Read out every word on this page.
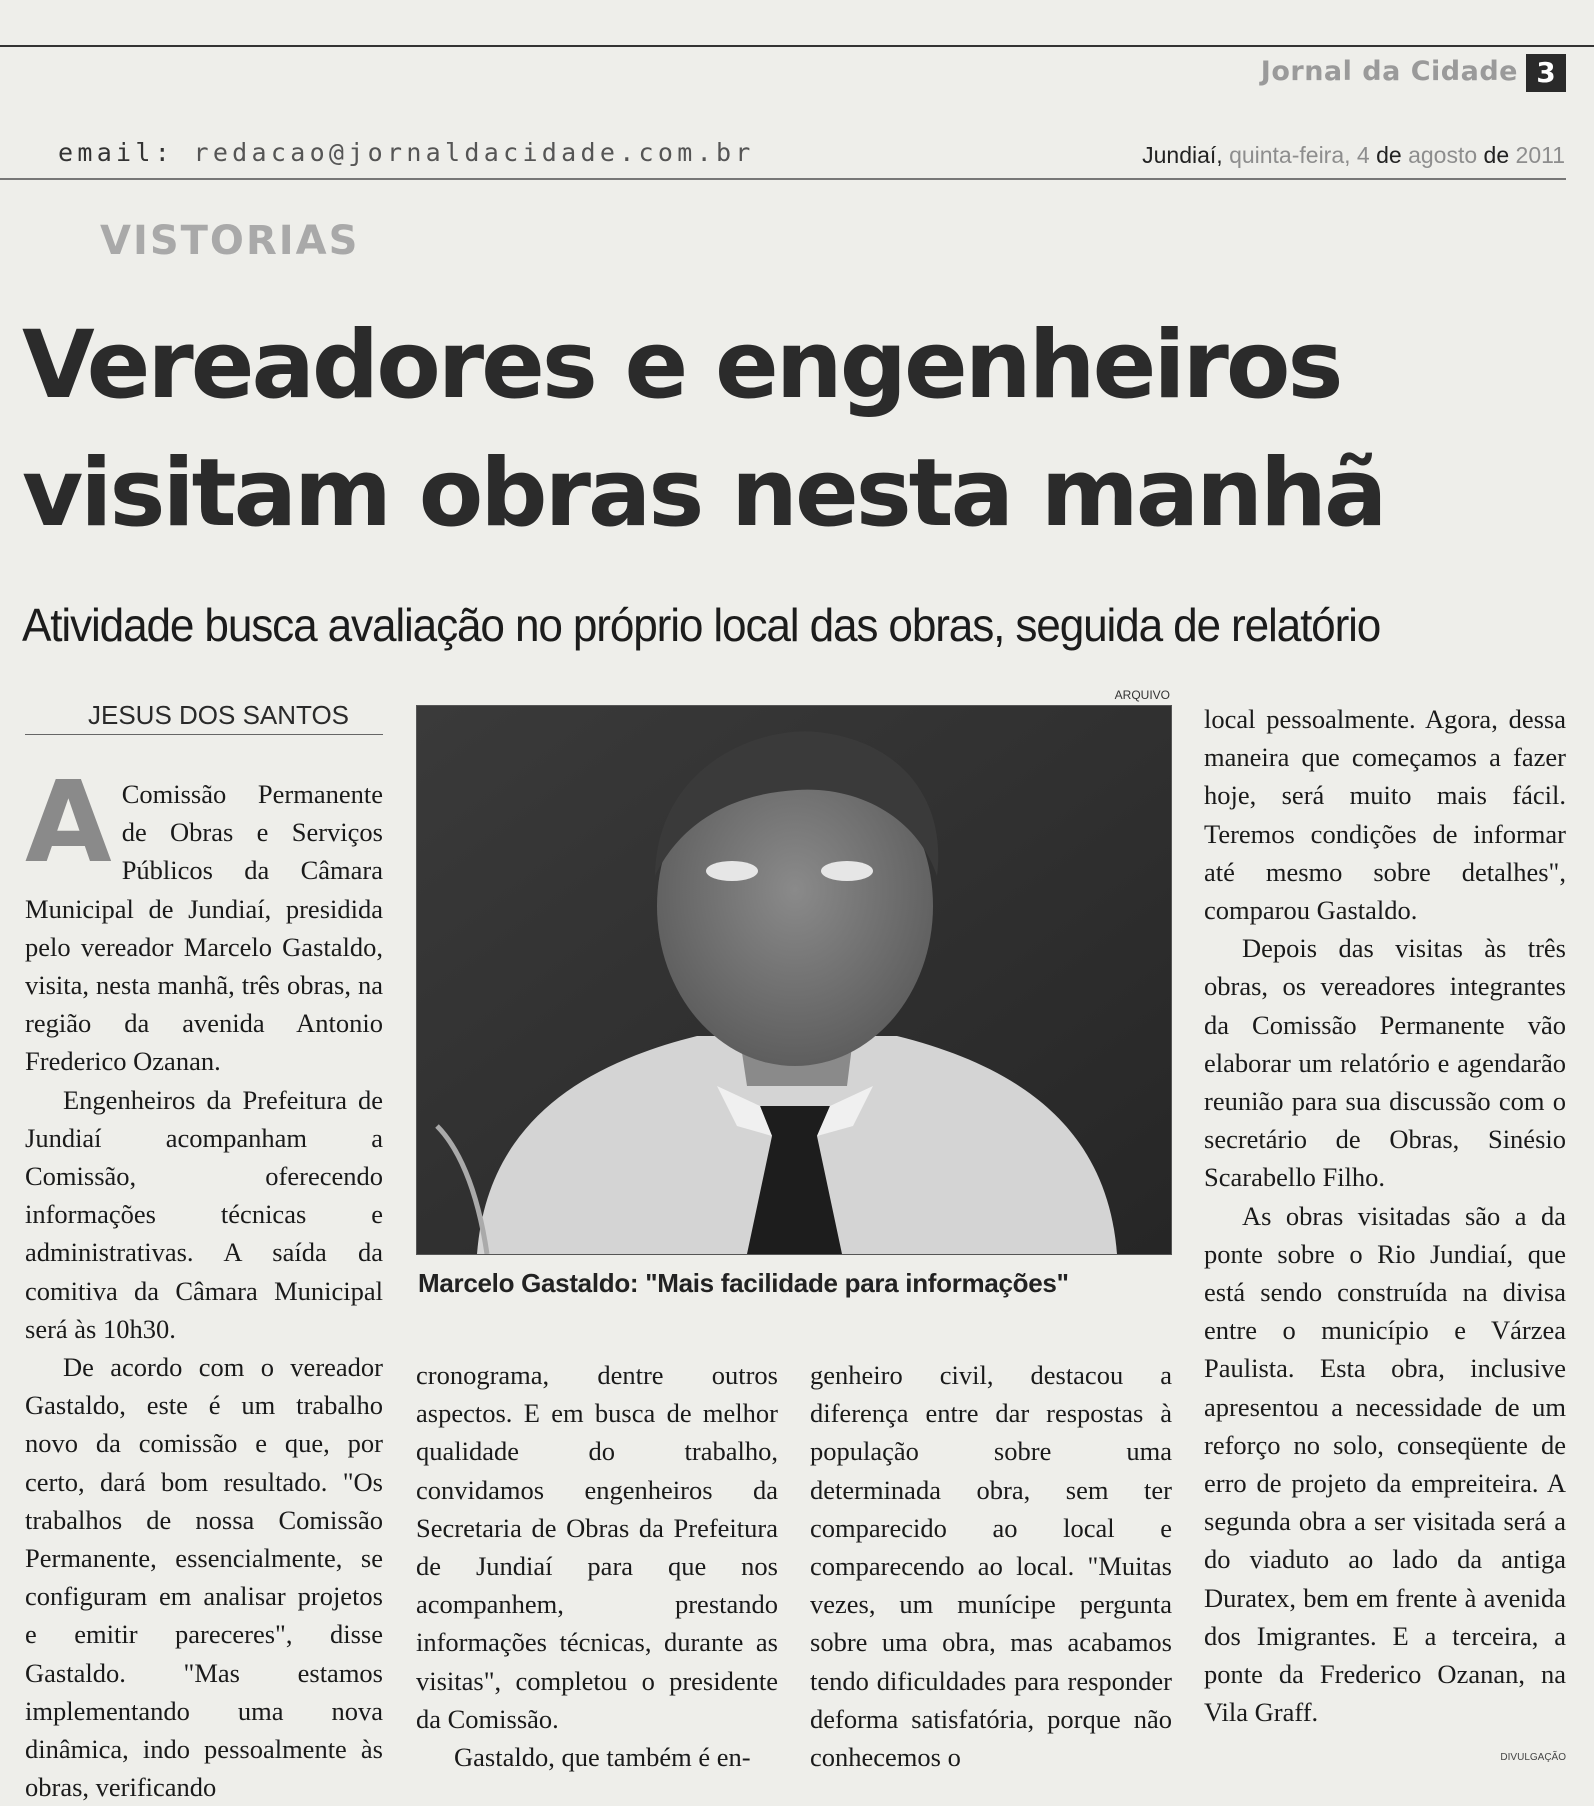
Jornal da Cidade 3
email: redacao@jornaldacidade.com.br	Jundiaí, quinta-feira, 4 de agosto de 2011
VISTORIAS
Vereadores e engenheiros
visitam obras nesta manhã
Atividade busca avaliação no próprio local das obras, seguida de relatório
JESUS DOS SANTOS
A Comissão Permanente de Obras e Serviços Públicos da Câmara Municipal de Jundiaí, presidida pelo vereador Marcelo Gastaldo, visita, nesta manhã, três obras, na região da avenida Antonio Frederico Ozanan.

Engenheiros da Prefeitura de Jundiaí acompanham a Comissão, oferecendo informações técnicas e administrativas. A saída da comitiva da Câmara Municipal será às 10h30.

De acordo com o vereador Gastaldo, este é um trabalho novo da comissão e que, por certo, dará bom resultado. "Os trabalhos de nossa Comissão Permanente, essencialmente, se configuram em analisar projetos e emitir pareceres", disse Gastaldo. "Mas estamos implementando uma nova dinâmica, indo pessoalmente às obras, verificando

ARQUIVO
Marcelo Gastaldo: "Mais facilidade para informações"

cronograma, dentre outros aspectos. E em busca de melhor qualidade do trabalho, convidamos engenheiros da Secretaria de Obras da Prefeitura de Jundiaí para que nos acompanhem, prestando informações técnicas, durante as visitas", completou o presidente da Comissão.

Gastaldo, que também é en-

genheiro civil, destacou a diferença entre dar respostas à população sobre uma determinada obra, sem ter comparecido ao local e comparecendo ao local. "Muitas vezes, um munícipe pergunta sobre uma obra, mas acabamos tendo dificuldades para responder deforma satisfatória, porque não conhecemos o

local pessoalmente. Agora, dessa maneira que começamos a fazer hoje, será muito mais fácil. Teremos condições de informar até mesmo sobre detalhes", comparou Gastaldo.

Depois das visitas às três obras, os vereadores integrantes da Comissão Permanente vão elaborar um relatório e agendarão reunião para sua discussão com o secretário de Obras, Sinésio Scarabello Filho.

As obras visitadas são a da ponte sobre o Rio Jundiaí, que está sendo construída na divisa entre o município e Várzea Paulista. Esta obra, inclusive apresentou a necessidade de um reforço no solo, conseqüente de erro de projeto da empreiteira. A segunda obra a ser visitada será a do viaduto ao lado da antiga Duratex, bem em frente à avenida dos Imigrantes. E a terceira, a ponte da Frederico Ozanan, na Vila Graff.

DIVULGAÇÃO
